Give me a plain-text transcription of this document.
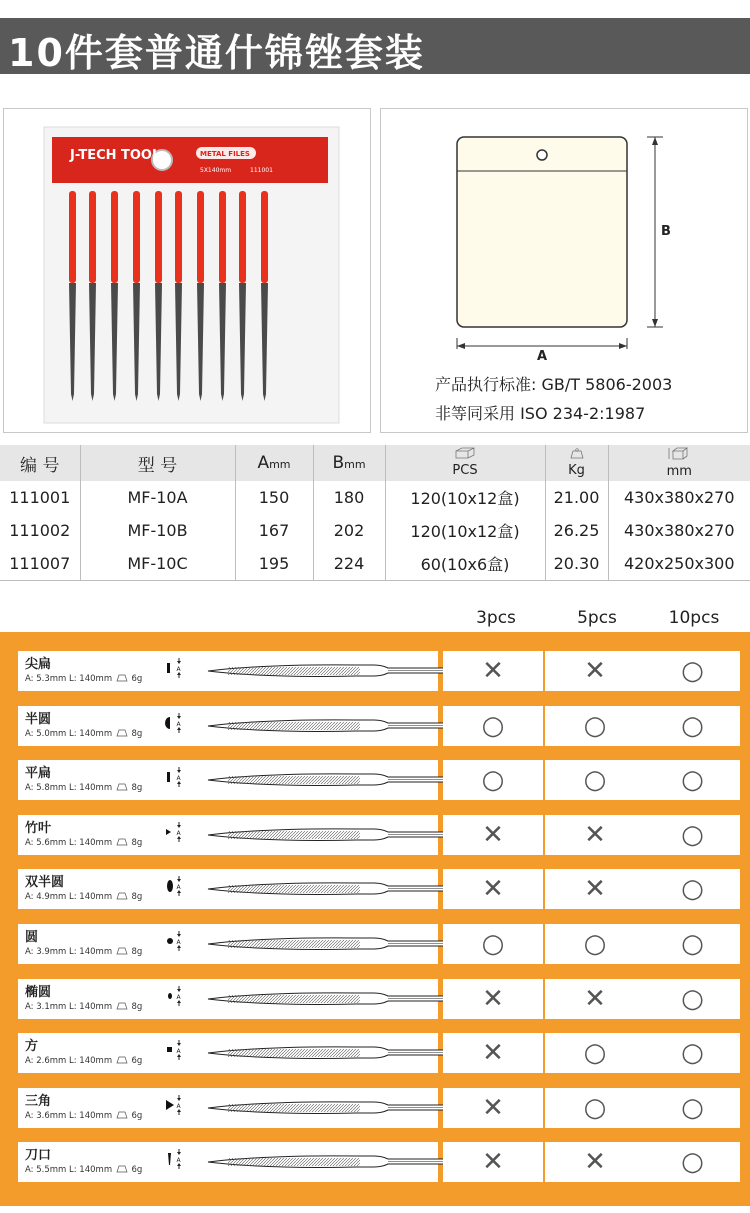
10件套普通什锦锉套装
J-TECH TOOL	METAL FILES
5X140mm	111001
B
A
产品执行标准: GB/T 5806-2003
非等同采用 ISO 234-2:1987
编 号	型 号	Amm	Bmm	PCS	Kg	mm
111001	MF-10A	150	180	120(10x12盒)	21.00	430x380x270
111002	MF-10B	167	202	120(10x12盒)	26.25	430x380x270
111007	MF-10C	195	224	60(10x6盒)	20.30	420x250x300
3pcs	5pcs	10pcs
尖扁
A: 5.3mm L: 140mm 6g
A	✕	✕	○
半圆
A: 5.0mm L: 140mm 8g
A	○	○	○
平扁
A: 5.8mm L: 140mm 8g
A	○	○	○
竹叶
A: 5.6mm L: 140mm 8g
A	✕	✕	○
双半圆
A: 4.9mm L: 140mm 8g
A	✕	✕	○
圆
A: 3.9mm L: 140mm 8g
A	○	○	○
椭圆
A: 3.1mm L: 140mm 8g
A	✕	✕	○
方
A: 2.6mm L: 140mm 6g
A	✕	○	○
三角
A: 3.6mm L: 140mm 6g
A	✕	○	○
刀口
A: 5.5mm L: 140mm 6g
A	✕	✕	○
